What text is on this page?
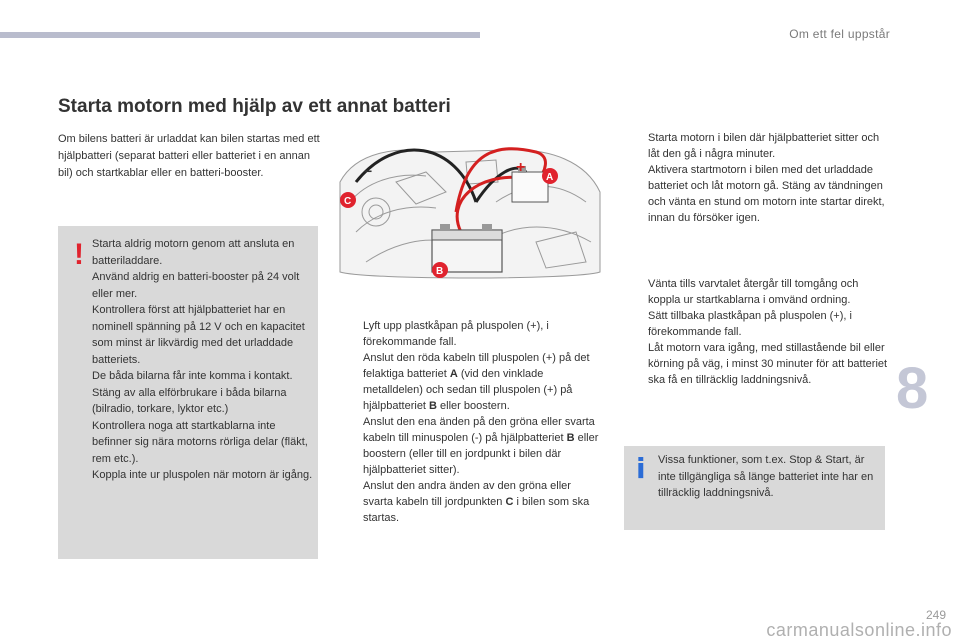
Om ett fel uppstår
Starta motorn med hjälp av ett annat batteri

Om bilens batteri är urladdat kan bilen startas med ett hjälpbatteri (separat batteri eller batteriet i en annan bil) och startkablar eller en batteri-booster.

! Starta aldrig motorn genom att ansluta en batteriladdare.

Använd aldrig en batteri-booster på 24 volt eller mer.

Kontrollera först att hjälpbatteriet har en nominell spänning på 12 V och en kapacitet som minst är likvärdig med det urladdade batteriets.

De båda bilarna får inte komma i kontakt.

Stäng av alla elförbrukare i båda bilarna (bilradio, torkare, lyktor etc.)

Kontrollera noga att startkablarna inte befinner sig nära motorns rörliga delar (fläkt, rem etc.).

Koppla inte ur pluspolen när motorn är igång.

+
−	A
B
C
Lyft upp plastkåpan på pluspolen (+), i förekommande fall.
Anslut den röda kabeln till pluspolen (+) på det felaktiga batteriet A (vid den vinklade metalldelen) och sedan till pluspolen (+) på hjälpbatteriet B eller boostern.
Anslut den ena änden på den gröna eller svarta kabeln till minuspolen (-) på hjälpbatteriet B eller boostern (eller till en jordpunkt i bilen där hjälpbatteriet sitter).
Anslut den andra änden av den gröna eller svarta kabeln till jordpunkten C i bilen som ska startas.
Starta motorn i bilen där hjälpbatteriet sitter och låt den gå i några minuter.
Aktivera startmotorn i bilen med det urladdade batteriet och låt motorn gå. Stäng av tändningen och vänta en stund om motorn inte startar direkt, innan du försöker igen.
Vänta tills varvtalet återgår till tomgång och koppla ur startkablarna i omvänd ordning.
Sätt tillbaka plastkåpan på pluspolen (+), i förekommande fall.
Låt motorn vara igång, med stillastående bil eller körning på väg, i minst 30 minuter för att batteriet ska få en tillräcklig laddningsnivå.
i Vissa funktioner, som t.ex. Stop & Start, är inte tillgängliga så länge batteriet inte har en tillräcklig laddningsnivå.
8
249
carmanualsonline.info
